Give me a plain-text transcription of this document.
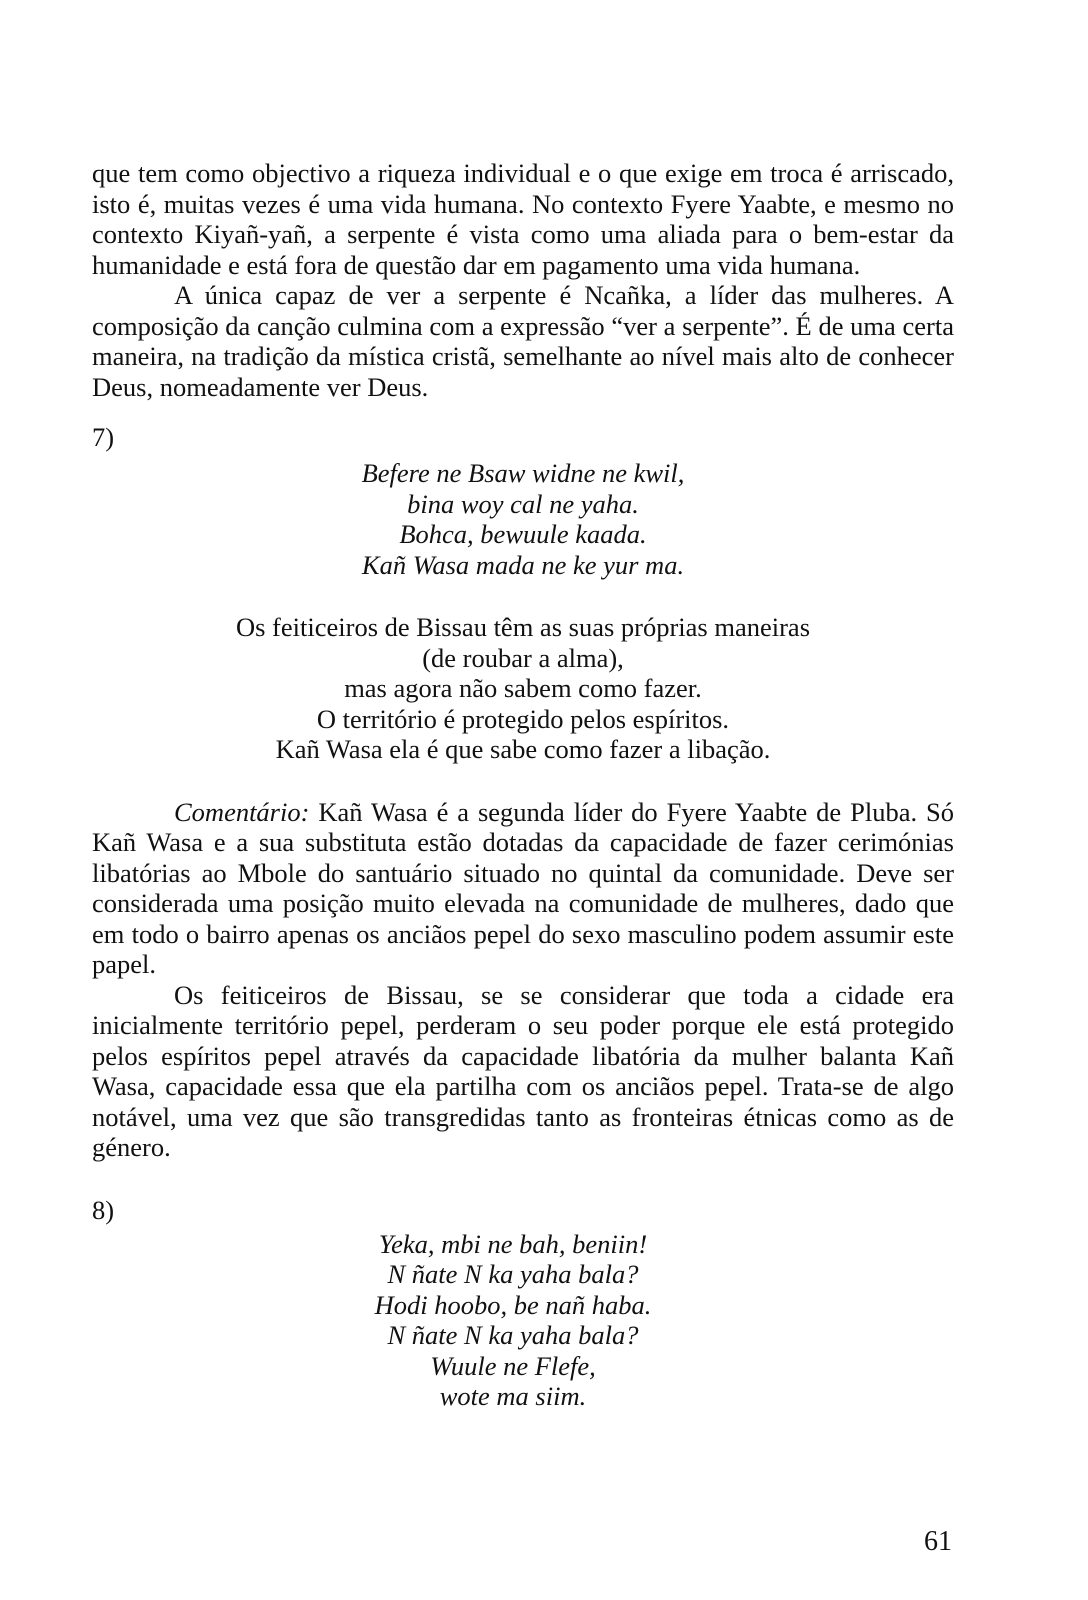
que tem como objectivo a riqueza individual e o que exige em troca é arriscado, isto é, muitas vezes é uma vida humana. No contexto Fyere Yaabte, e mesmo no contexto Kiyañ-yañ, a serpente é vista como uma aliada para o bem-estar da humanidade e está fora de questão dar em pagamento uma vida humana.

A única capaz de ver a serpente é Ncañka, a líder das mulheres. A composição da canção culmina com a expressão “ver a serpente”. É de uma certa maneira, na tradição da mística cristã, semelhante ao nível mais alto de conhecer Deus, nomeadamente ver Deus.

7)

Befere ne Bsaw widne ne kwil,
bina woy cal ne yaha.
Bohca, bewuule kaada.
Kañ Wasa mada ne ke yur ma.
Os feiticeiros de Bissau têm as suas próprias maneiras
(de roubar a alma),
mas agora não sabem como fazer.
O território é protegido pelos espíritos.
Kañ Wasa ela é que sabe como fazer a libação.

Comentário: Kañ Wasa é a segunda líder do Fyere Yaabte de Pluba. Só Kañ Wasa e a sua substituta estão dotadas da capacidade de fazer cerimónias libatórias ao Mbole do santuário situado no quintal da comunidade. Deve ser considerada uma posição muito elevada na comunidade de mulheres, dado que em todo o bairro apenas os anciãos pepel do sexo masculino podem assumir este papel.

Os feiticeiros de Bissau, se se considerar que toda a cidade era inicialmente território pepel, perderam o seu poder porque ele está protegido pelos espíritos pepel através da capacidade libatória da mulher balanta Kañ Wasa, capacidade essa que ela partilha com os anciãos pepel. Trata-se de algo notável, uma vez que são transgredidas tanto as fronteiras étnicas como as de género.

8)

Yeka, mbi ne bah, beniin!
N ñate N ka yaha bala?
Hodi hoobo, be nañ haba.
N ñate N ka yaha bala?
Wuule ne Flefe,
wote ma siim.
61
